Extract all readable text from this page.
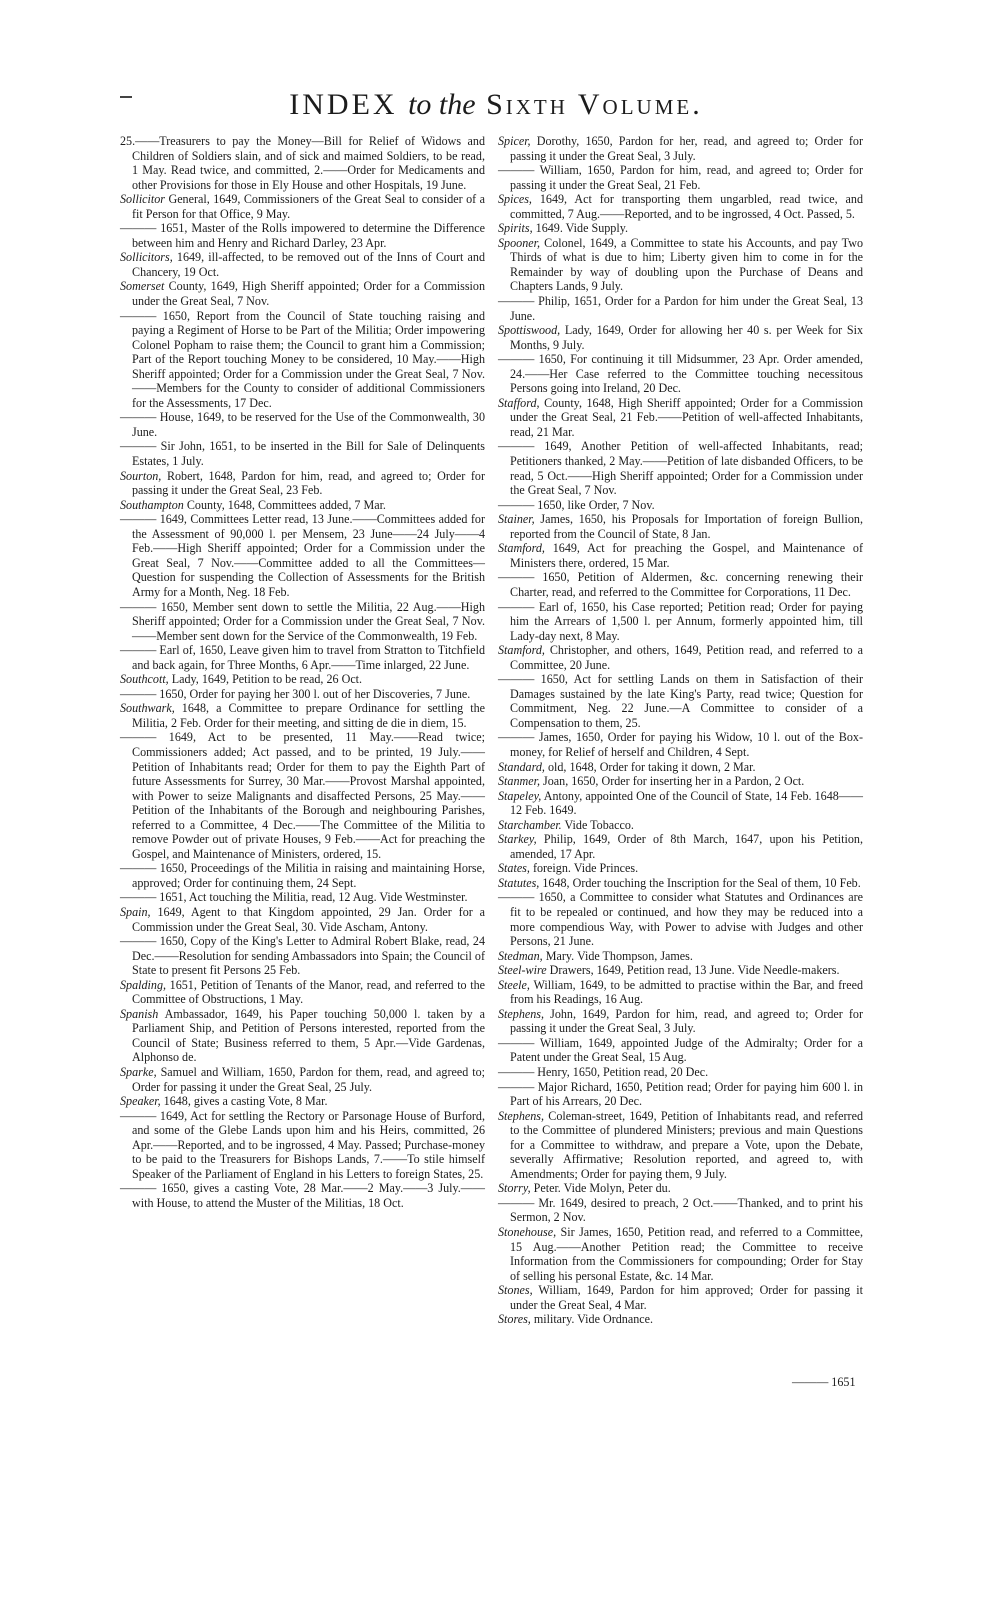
INDEX to the Sixth Volume.

25.——Treasurers to pay the Money—Bill for Relief of Widows and Children of Soldiers slain, and of sick and maimed Soldiers, to be read, 1 May. Read twice, and committed, 2.——Order for Medicaments and other Provisions for those in Ely House and other Hospitals, 19 June.

Sollicitor General, 1649, Commissioners of the Great Seal to consider of a fit Person for that Office, 9 May.

——— 1651, Master of the Rolls impowered to determine the Difference between him and Henry and Richard Darley, 23 Apr.

Sollicitors, 1649, ill-affected, to be removed out of the Inns of Court and Chancery, 19 Oct.

Somerset County, 1649, High Sheriff appointed; Order for a Commission under the Great Seal, 7 Nov.

——— 1650, Report from the Council of State touching raising and paying a Regiment of Horse to be Part of the Militia; Order impowering Colonel Popham to raise them; the Council to grant him a Commission; Part of the Report touching Money to be considered, 10 May.——High Sheriff appointed; Order for a Commission under the Great Seal, 7 Nov.——Members for the County to consider of additional Commissioners for the Assessments, 17 Dec.

——— House, 1649, to be reserved for the Use of the Commonwealth, 30 June.

——— Sir John, 1651, to be inserted in the Bill for Sale of Delinquents Estates, 1 July.

Sourton, Robert, 1648, Pardon for him, read, and agreed to; Order for passing it under the Great Seal, 23 Feb.

Southampton County, 1648, Committees added, 7 Mar.

——— 1649, Committees Letter read, 13 June.——Committees added for the Assessment of 90,000 l. per Mensem, 23 June——24 July——4 Feb.——High Sheriff appointed; Order for a Commission under the Great Seal, 7 Nov.——Committee added to all the Committees—Question for suspending the Collection of Assessments for the British Army for a Month, Neg. 18 Feb.

——— 1650, Member sent down to settle the Militia, 22 Aug.——High Sheriff appointed; Order for a Commission under the Great Seal, 7 Nov.——Member sent down for the Service of the Commonwealth, 19 Feb.

——— Earl of, 1650, Leave given him to travel from Stratton to Titchfield and back again, for Three Months, 6 Apr.——Time inlarged, 22 June.

Southcott, Lady, 1649, Petition to be read, 26 Oct.

——— 1650, Order for paying her 300 l. out of her Discoveries, 7 June.

Southwark, 1648, a Committee to prepare Ordinance for settling the Militia, 2 Feb. Order for their meeting, and sitting de die in diem, 15.

——— 1649, Act to be presented, 11 May.——Read twice; Commissioners added; Act passed, and to be printed, 19 July.——Petition of Inhabitants read; Order for them to pay the Eighth Part of future Assessments for Surrey, 30 Mar.——Provost Marshal appointed, with Power to seize Malignants and disaffected Persons, 25 May.——Petition of the Inhabitants of the Borough and neighbouring Parishes, referred to a Committee, 4 Dec.——The Committee of the Militia to remove Powder out of private Houses, 9 Feb.——Act for preaching the Gospel, and Maintenance of Ministers, ordered, 15.

——— 1650, Proceedings of the Militia in raising and maintaining Horse, approved; Order for continuing them, 24 Sept.

——— 1651, Act touching the Militia, read, 12 Aug. Vide Westminster.

Spain, 1649, Agent to that Kingdom appointed, 29 Jan. Order for a Commission under the Great Seal, 30. Vide Ascham, Antony.

——— 1650, Copy of the King's Letter to Admiral Robert Blake, read, 24 Dec.——Resolution for sending Ambassadors into Spain; the Council of State to present fit Persons 25 Feb.

Spalding, 1651, Petition of Tenants of the Manor, read, and referred to the Committee of Obstructions, 1 May.

Spanish Ambassador, 1649, his Paper touching 50,000 l. taken by a Parliament Ship, and Petition of Persons interested, reported from the Council of State; Business referred to them, 5 Apr.—Vide Gardenas, Alphonso de.

Sparke, Samuel and William, 1650, Pardon for them, read, and agreed to; Order for passing it under the Great Seal, 25 July.

Speaker, 1648, gives a casting Vote, 8 Mar.

——— 1649, Act for settling the Rectory or Parsonage House of Burford, and some of the Glebe Lands upon him and his Heirs, committed, 26 Apr.——Reported, and to be ingrossed, 4 May. Passed; Purchase-money to be paid to the Treasurers for Bishops Lands, 7.——To stile himself Speaker of the Parliament of England in his Letters to foreign States, 25.

——— 1650, gives a casting Vote, 28 Mar.——2 May.——3 July.——with House, to attend the Muster of the Militias, 18 Oct.

Spicer, Dorothy, 1650, Pardon for her, read, and agreed to; Order for passing it under the Great Seal, 3 July.

——— William, 1650, Pardon for him, read, and agreed to; Order for passing it under the Great Seal, 21 Feb.

Spices, 1649, Act for transporting them ungarbled, read twice, and committed, 7 Aug.——Reported, and to be ingrossed, 4 Oct. Passed, 5.

Spirits, 1649. Vide Supply.

Spooner, Colonel, 1649, a Committee to state his Accounts, and pay Two Thirds of what is due to him; Liberty given him to come in for the Remainder by way of doubling upon the Purchase of Deans and Chapters Lands, 9 July.

——— Philip, 1651, Order for a Pardon for him under the Great Seal, 13 June.

Spottiswood, Lady, 1649, Order for allowing her 40 s. per Week for Six Months, 9 July.

——— 1650, For continuing it till Midsummer, 23 Apr. Order amended, 24.——Her Case referred to the Committee touching necessitous Persons going into Ireland, 20 Dec.

Stafford, County, 1648, High Sheriff appointed; Order for a Commission under the Great Seal, 21 Feb.——Petition of well-affected Inhabitants, read, 21 Mar.

——— 1649, Another Petition of well-affected Inhabitants, read; Petitioners thanked, 2 May.——Petition of late disbanded Officers, to be read, 5 Oct.——High Sheriff appointed; Order for a Commission under the Great Seal, 7 Nov.

——— 1650, like Order, 7 Nov.

Stainer, James, 1650, his Proposals for Importation of foreign Bullion, reported from the Council of State, 8 Jan.

Stamford, 1649, Act for preaching the Gospel, and Maintenance of Ministers there, ordered, 15 Mar.

——— 1650, Petition of Aldermen, &c. concerning renewing their Charter, read, and referred to the Committee for Corporations, 11 Dec.

——— Earl of, 1650, his Case reported; Petition read; Order for paying him the Arrears of 1,500 l. per Annum, formerly appointed him, till Lady-day next, 8 May.

Stamford, Christopher, and others, 1649, Petition read, and referred to a Committee, 20 June.

——— 1650, Act for settling Lands on them in Satisfaction of their Damages sustained by the late King's Party, read twice; Question for Commitment, Neg. 22 June.—A Committee to consider of a Compensation to them, 25.

——— James, 1650, Order for paying his Widow, 10 l. out of the Box-money, for Relief of herself and Children, 4 Sept.

Standard, old, 1648, Order for taking it down, 2 Mar.

Stanmer, Joan, 1650, Order for inserting her in a Pardon, 2 Oct.

Stapeley, Antony, appointed One of the Council of State, 14 Feb. 1648——12 Feb. 1649.

Starchamber. Vide Tobacco.

Starkey, Philip, 1649, Order of 8th March, 1647, upon his Petition, amended, 17 Apr.

States, foreign. Vide Princes.

Statutes, 1648, Order touching the Inscription for the Seal of them, 10 Feb.

——— 1650, a Committee to consider what Statutes and Ordinances are fit to be repealed or continued, and how they may be reduced into a more compendious Way, with Power to advise with Judges and other Persons, 21 June.

Stedman, Mary. Vide Thompson, James.

Steel-wire Drawers, 1649, Petition read, 13 June. Vide Needle-makers.

Steele, William, 1649, to be admitted to practise within the Bar, and freed from his Readings, 16 Aug.

Stephens, John, 1649, Pardon for him, read, and agreed to; Order for passing it under the Great Seal, 3 July.

——— William, 1649, appointed Judge of the Admiralty; Order for a Patent under the Great Seal, 15 Aug.

——— Henry, 1650, Petition read, 20 Dec.

——— Major Richard, 1650, Petition read; Order for paying him 600 l. in Part of his Arrears, 20 Dec.

Stephens, Coleman-street, 1649, Petition of Inhabitants read, and referred to the Committee of plundered Ministers; previous and main Questions for a Committee to withdraw, and prepare a Vote, upon the Debate, severally Affirmative; Resolution reported, and agreed to, with Amendments; Order for paying them, 9 July.

Storry, Peter. Vide Molyn, Peter du.

——— Mr. 1649, desired to preach, 2 Oct.——Thanked, and to print his Sermon, 2 Nov.

Stonehouse, Sir James, 1650, Petition read, and referred to a Committee, 15 Aug.——Another Petition read; the Committee to receive Information from the Commissioners for compounding; Order for Stay of selling his personal Estate, &c. 14 Mar.

Stones, William, 1649, Pardon for him approved; Order for passing it under the Great Seal, 4 Mar.

Stores, military. Vide Ordnance.

——— 1651
